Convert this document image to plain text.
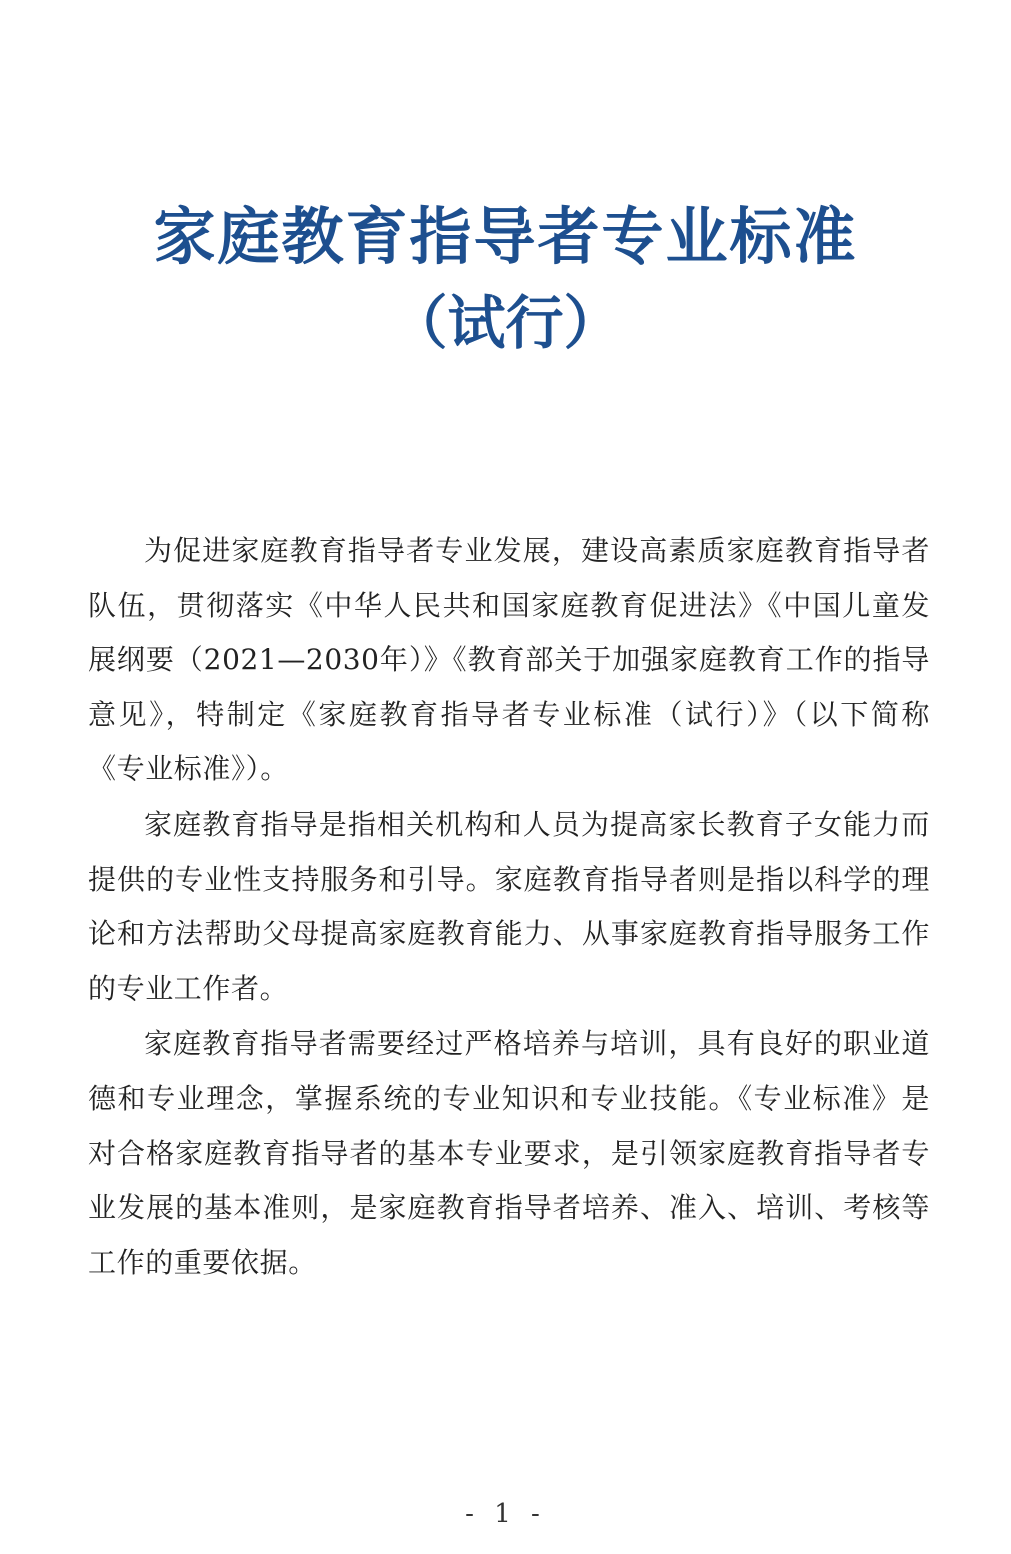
家庭教育指导者专业标准
（试行）

为促进家庭教育指导者专业发展，建设高素质家庭教育指导者队伍，贯彻落实《中华人民共和国家庭教育促进法》《中国儿童发展纲要（2021—2030年）》《教育部关于加强家庭教育工作的指导意见》，特制定《家庭教育指导者专业标准（试行）》（以下简称《专业标准》）。

家庭教育指导是指相关机构和人员为提高家长教育子女能力而提供的专业性支持服务和引导。家庭教育指导者则是指以科学的理论和方法帮助父母提高家庭教育能力、从事家庭教育指导服务工作的专业工作者。

家庭教育指导者需要经过严格培养与培训，具有良好的职业道德和专业理念，掌握系统的专业知识和专业技能。《专业标准》是对合格家庭教育指导者的基本专业要求，是引领家庭教育指导者专业发展的基本准则，是家庭教育指导者培养、准入、培训、考核等工作的重要依据。

- 1 -
